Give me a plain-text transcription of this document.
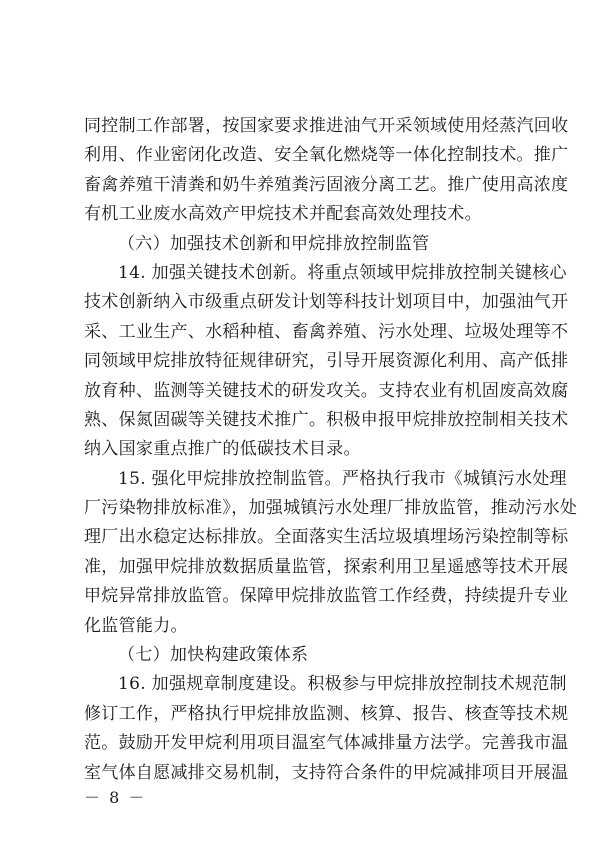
同控制工作部署，按国家要求推进油气开采领域使用烃蒸汽回收
利用、作业密闭化改造、安全氧化燃烧等一体化控制技术。推广
畜禽养殖干清粪和奶牛养殖粪污固液分离工艺。推广使用高浓度
有机工业废水高效产甲烷技术并配套高效处理技术。
（六）加强技术创新和甲烷排放控制监管
14. 加强关键技术创新。将重点领域甲烷排放控制关键核心
技术创新纳入市级重点研发计划等科技计划项目中，加强油气开
采、工业生产、水稻种植、畜禽养殖、污水处理、垃圾处理等不
同领域甲烷排放特征规律研究，引导开展资源化利用、高产低排
放育种、监测等关键技术的研发攻关。支持农业有机固废高效腐
熟、保氮固碳等关键技术推广。积极申报甲烷排放控制相关技术
纳入国家重点推广的低碳技术目录。
15. 强化甲烷排放控制监管。严格执行我市《城镇污水处理
厂污染物排放标准》，加强城镇污水处理厂排放监管，推动污水处
理厂出水稳定达标排放。全面落实生活垃圾填埋场污染控制等标
准，加强甲烷排放数据质量监管，探索利用卫星遥感等技术开展
甲烷异常排放监管。保障甲烷排放监管工作经费，持续提升专业
化监管能力。
（七）加快构建政策体系
16. 加强规章制度建设。积极参与甲烷排放控制技术规范制
修订工作，严格执行甲烷排放监测、核算、报告、核查等技术规
范。鼓励开发甲烷利用项目温室气体减排量方法学。完善我市温
室气体自愿减排交易机制，支持符合条件的甲烷减排项目开展温
－ 8 －
